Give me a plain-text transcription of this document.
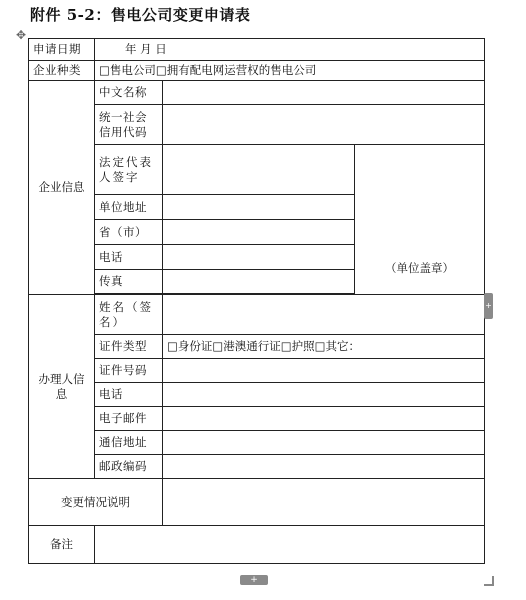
附件 5-2：售电公司变更申请表
✥
申请日期	年 月 日		
企业种类	□售电公司□拥有配电网运营权的售电公司		
企业信息	中文名称		
	统一社会信用代码		
	法定代表人签字		（单位盖章）
	单位地址		
	省（市）		
	电话		
	传真		

办理人信息	姓名（签名）		
	证件类型	□身份证□港澳通行证□护照□其它：	
	证件号码		
	电话		
	电子邮件		
	通信地址		
	邮政编码		
变更情况说明			
备注			
+
+
